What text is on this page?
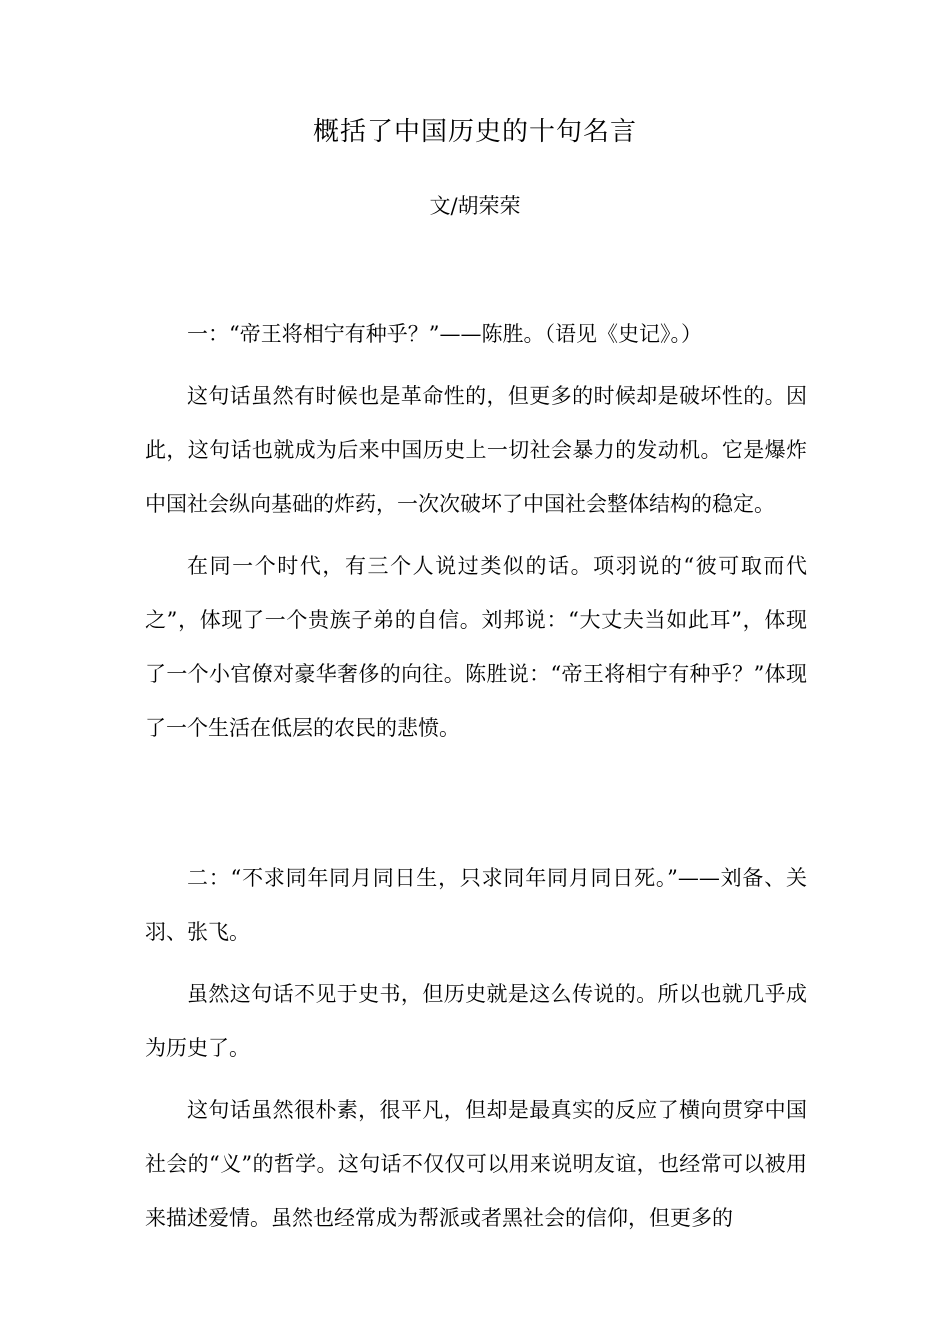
概括了中国历史的十句名言
文/胡荣荣

一：“帝王将相宁有种乎？”——陈胜。（语见《史记》。）

这句话虽然有时候也是革命性的，但更多的时候却是破坏性的。因此，这句话也就成为后来中国历史上一切社会暴力的发动机。它是爆炸中国社会纵向基础的炸药，一次次破坏了中国社会整体结构的稳定。

在同一个时代，有三个人说过类似的话。项羽说的“彼可取而代之”，体现了一个贵族子弟的自信。刘邦说：“大丈夫当如此耳”，体现了一个小官僚对豪华奢侈的向往。陈胜说：“帝王将相宁有种乎？”体现了一个生活在低层的农民的悲愤。

二：“不求同年同月同日生，只求同年同月同日死。”——刘备、关羽、张飞。

虽然这句话不见于史书，但历史就是这么传说的。所以也就几乎成为历史了。

这句话虽然很朴素，很平凡，但却是最真实的反应了横向贯穿中国社会的“义”的哲学。这句话不仅仅可以用来说明友谊，也经常可以被用来描述爱情。虽然也经常成为帮派或者黑社会的信仰，但更多的
